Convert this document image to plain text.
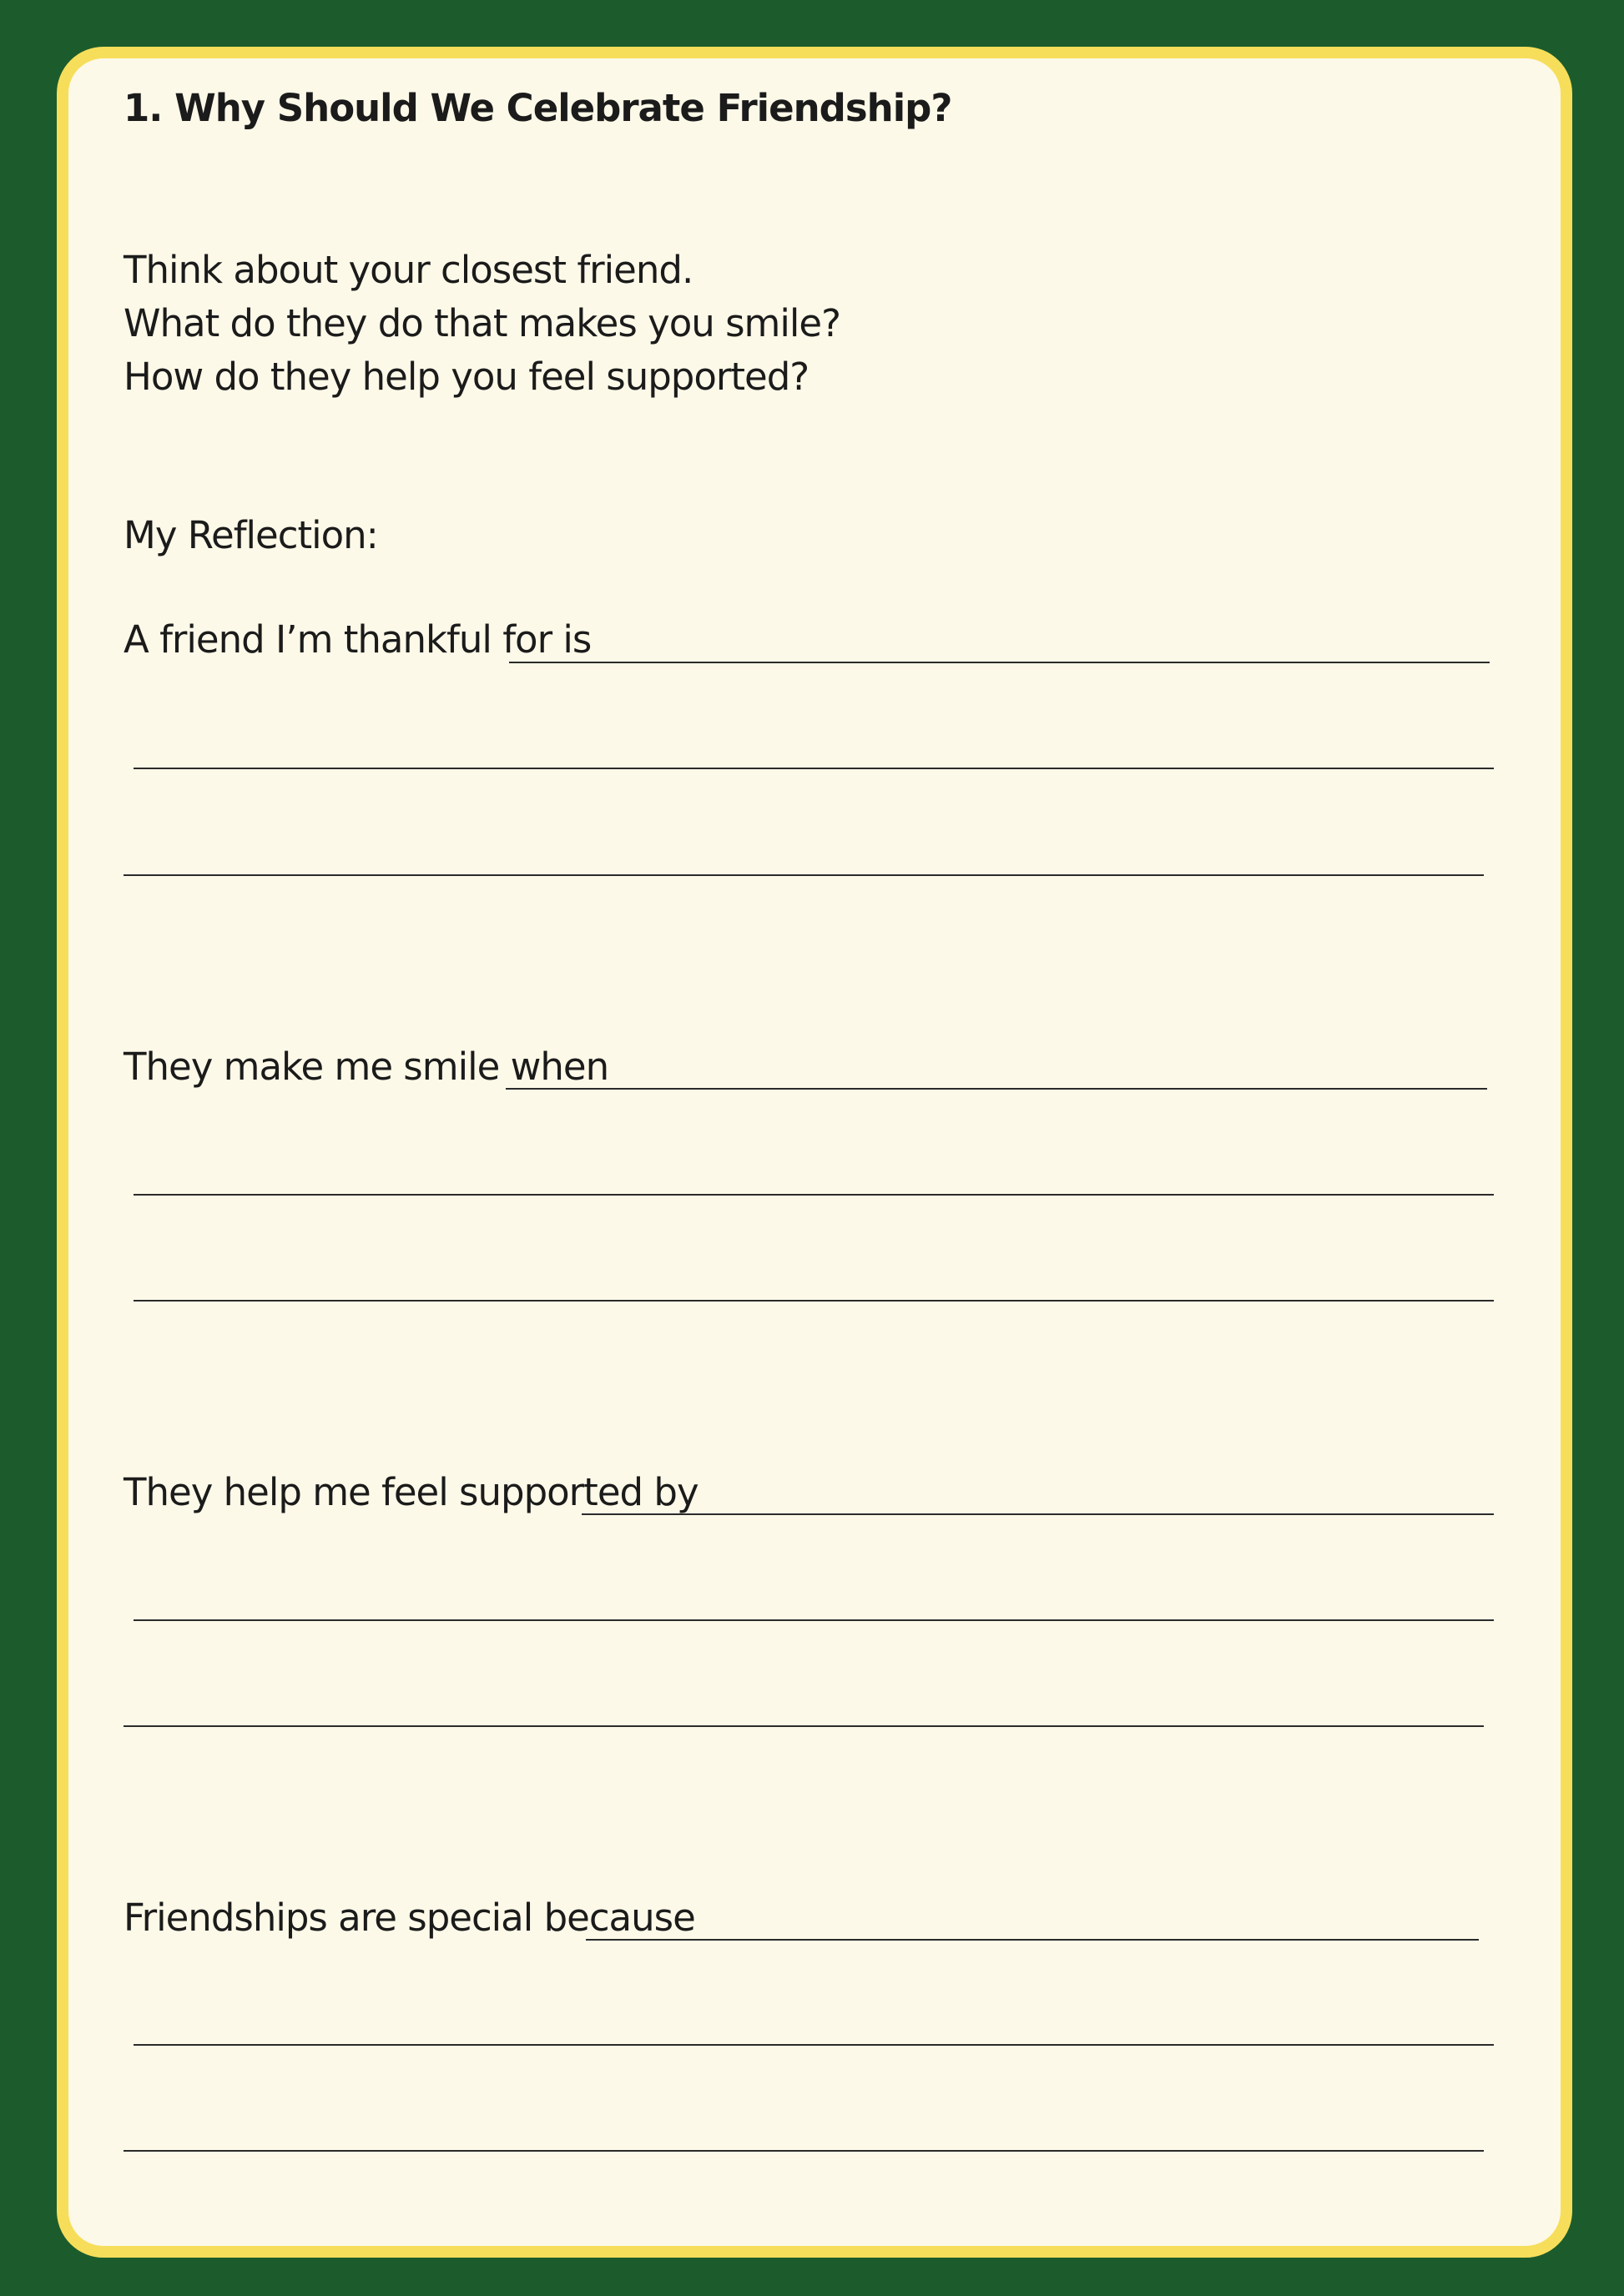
1. Why Should We Celebrate Friendship?
Think about your closest friend.
What do they do that makes you smile?
How do they help you feel supported?
My Reflection:
A friend I’m thankful for is
They make me smile when
They help me feel supported by
Friendships are special because
